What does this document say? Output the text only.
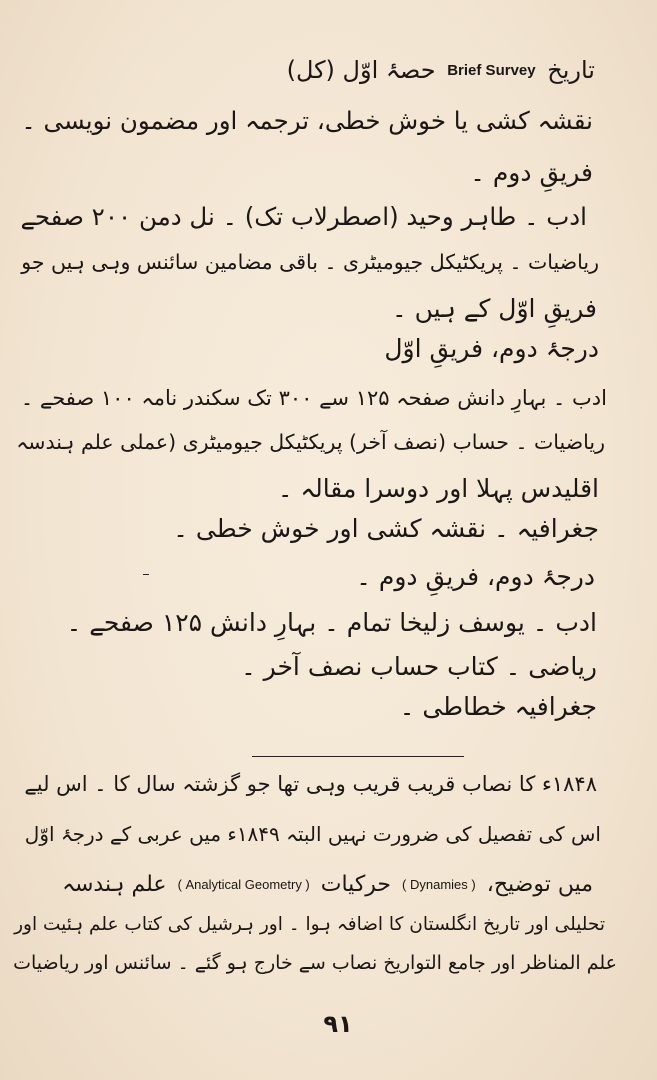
تاریخ Brief Survey حصۂ اوّل (کل)
نقشہ کشی یا خوش خطی، ترجمہ اور مضمون نویسی ۔
فریقِ دوم ۔
ادب ۔ طاہر وحید (اصطرلاب تک) ۔ نل دمن ۲۰۰ صفحے
ریاضیات ۔ پریکٹیکل جیومیٹری ۔ باقی مضامین سائنس وہی ہیں جو
فریقِ اوّل کے ہیں ۔
درجۂ دوم، فریقِ اوّل
ادب ۔ بہارِ دانش صفحہ ۱۲۵ سے ۳۰۰ تک سکندر نامہ ۱۰۰ صفحے ۔
ریاضیات ۔ حساب (نصف آخر) پریکٹیکل جیومیٹری (عملی علم ہندسہ
اقلیدس پہلا اور دوسرا مقالہ ۔
جغرافیہ ۔ نقشہ کشی اور خوش خطی ۔
درجۂ دوم، فریقِ دوم ۔
ادب ۔ یوسف زلیخا تمام ۔ بہارِ دانش ۱۲۵ صفحے ۔
ریاضی ۔ کتاب حساب نصف آخر ۔
جغرافیہ خطاطی ۔
۱۸۴۸ء کا نصاب قریب قریب وہی تھا جو گزشتہ سال کا ۔ اس لیے
اس کی تفصیل کی ضرورت نہیں البتہ ۱۸۴۹ء میں عربی کے درجۂ اوّل
میں توضیح، ( Dynamies ) حرکیات ( Analytical Geometry ) علم ہندسہ
تحلیلی اور تاریخ انگلستان کا اضافہ ہوا ۔ اور ہرشیل کی کتاب علم ہئیت اور
علم المناظر اور جامع التواریخ نصاب سے خارج ہو گئے ۔ سائنس اور ریاضیات
۹۱
